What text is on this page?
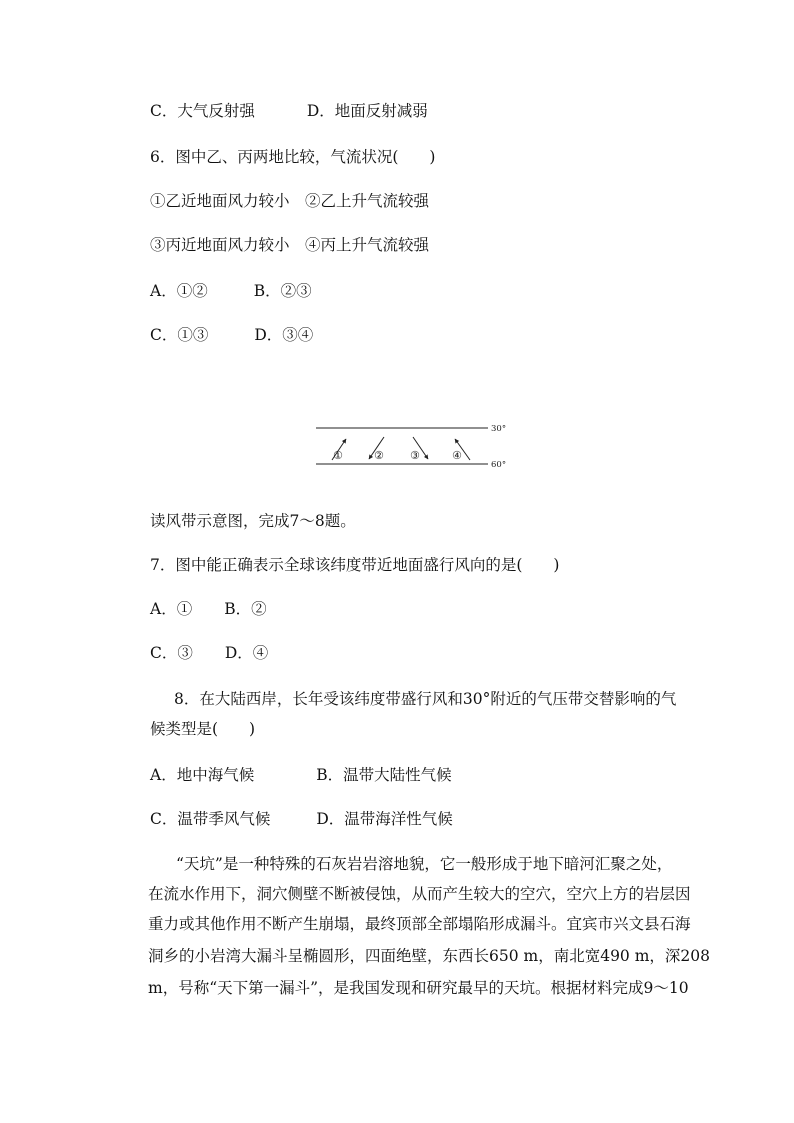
C．大气反射强	D．地面反射减弱
6．图中乙、丙两地比较，气流状况(　　)
①乙近地面风力较小　②乙上升气流较强
③丙近地面风力较小　④丙上升气流较强
A．①②	B．②③
C．①③	D．③④
30°
60°
①	② ③	④
读风带示意图，完成7～8题。
7．图中能正确表示全球该纬度带近地面盛行风向的是(　　)
A．① B．②
C．③ D．④
8．在大陆西岸，长年受该纬度带盛行风和30°附近的气压带交替影响的气
候类型是(　　)
A．地中海气候	B．温带大陆性气候
C．温带季风气候	D．温带海洋性气候
“天坑”是一种特殊的石灰岩岩溶地貌，它一般形成于地下暗河汇聚之处，
在流水作用下，洞穴侧壁不断被侵蚀，从而产生较大的空穴，空穴上方的岩层因
重力或其他作用不断产生崩塌，最终顶部全部塌陷形成漏斗。宜宾市兴文县石海
洞乡的小岩湾大漏斗呈椭圆形，四面绝壁，东西长650 m，南北宽490 m，深208
m，号称“天下第一漏斗”，是我国发现和研究最早的天坑。根据材料完成9～10
